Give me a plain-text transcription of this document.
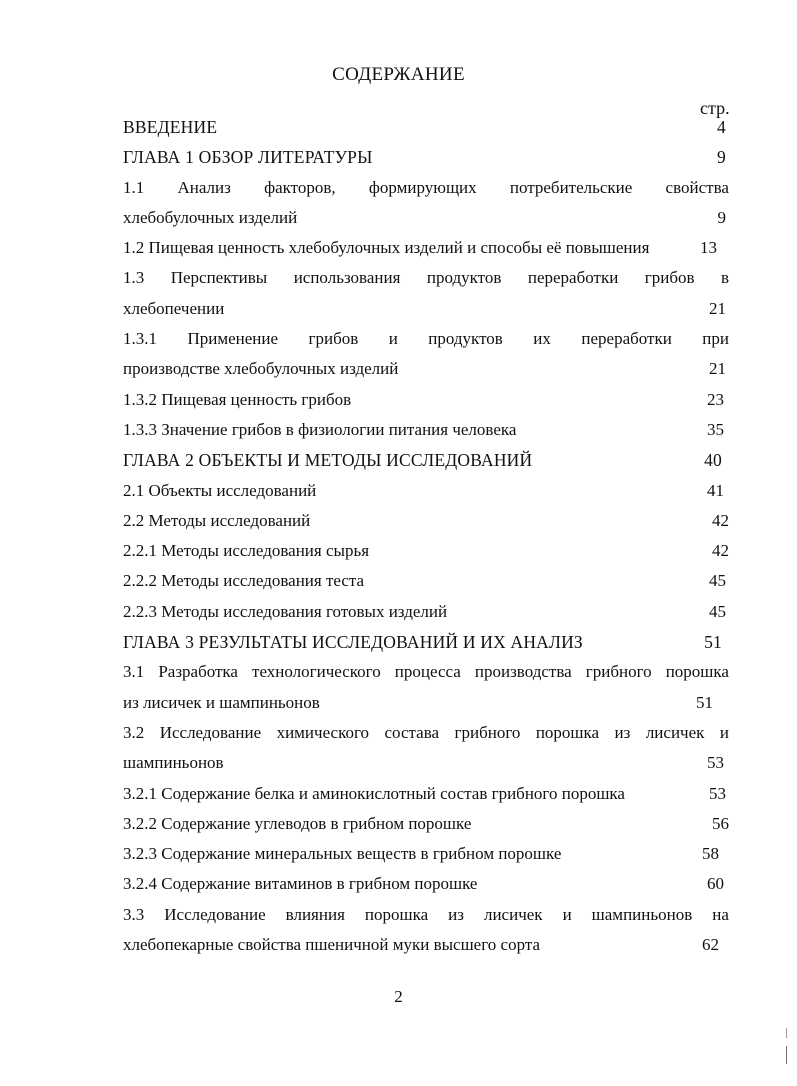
СОДЕРЖАНИЕ
стр.
ВВЕДЕНИЕ	4
ГЛАВА 1 ОБЗОР ЛИТЕРАТУРЫ	9
1.1 Анализ факторов, формирующих потребительские свойства
хлебобулочных изделий	9
1.2 Пищевая ценность хлебобулочных изделий и способы её повышения	13
1.3 Перспективы использования продуктов переработки грибов в
хлебопечении	21
1.3.1 Применение грибов и продуктов их переработки при
производстве хлебобулочных изделий	21
1.3.2 Пищевая ценность грибов	23
1.3.3 Значение грибов в физиологии питания человека	35
ГЛАВА 2 ОБЪЕКТЫ И МЕТОДЫ ИССЛЕДОВАНИЙ	40
2.1 Объекты исследований	41
2.2 Методы исследований	42
2.2.1 Методы исследования сырья	42
2.2.2 Методы исследования теста	45
2.2.3 Методы исследования готовых изделий	45
ГЛАВА 3 РЕЗУЛЬТАТЫ ИССЛЕДОВАНИЙ И ИХ АНАЛИЗ	51
3.1 Разработка технологического процесса производства грибного порошка
из лисичек и шампиньонов	51
3.2 Исследование химического состава грибного порошка из лисичек и
шампиньонов	53
3.2.1 Содержание белка и аминокислотный состав грибного порошка	53
3.2.2 Содержание углеводов в грибном порошке	56
3.2.3 Содержание минеральных веществ в грибном порошке	58
3.2.4 Содержание витаминов в грибном порошке	60
3.3 Исследование влияния порошка из лисичек и шампиньонов на
хлебопекарные свойства пшеничной муки высшего сорта	62
2
